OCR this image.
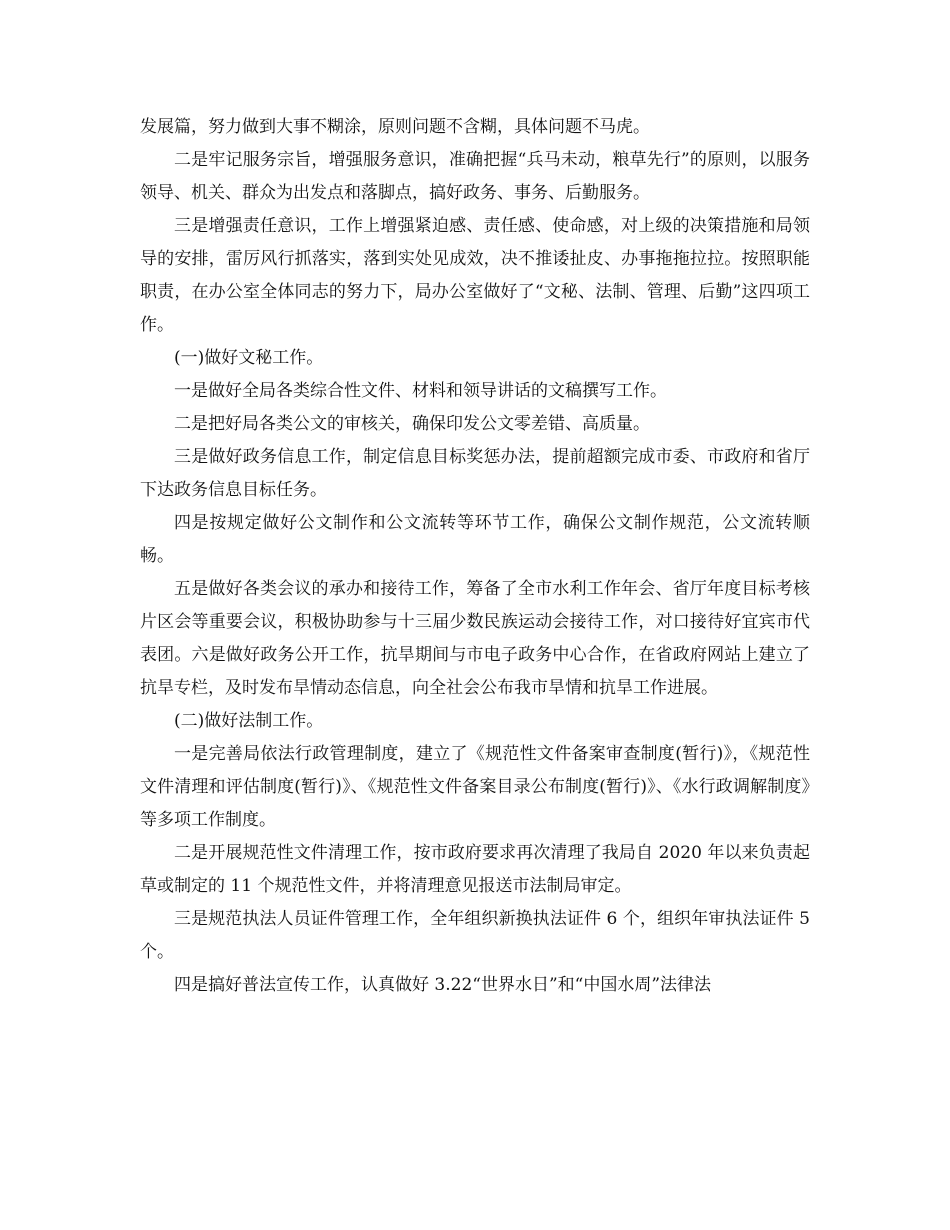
发展篇，努力做到大事不糊涂，原则问题不含糊，具体问题不马虎。

二是牢记服务宗旨，增强服务意识，准确把握“兵马未动，粮草先行”的原则，以服务领导、机关、群众为出发点和落脚点，搞好政务、事务、后勤服务。

三是增强责任意识，工作上增强紧迫感、责任感、使命感，对上级的决策措施和局领导的安排，雷厉风行抓落实，落到实处见成效，决不推诿扯皮、办事拖拖拉拉。按照职能职责，在办公室全体同志的努力下，局办公室做好了“文秘、法制、管理、后勤”这四项工作。

(一)做好文秘工作。

一是做好全局各类综合性文件、材料和领导讲话的文稿撰写工作。

二是把好局各类公文的审核关，确保印发公文零差错、高质量。

三是做好政务信息工作，制定信息目标奖惩办法，提前超额完成市委、市政府和省厅下达政务信息目标任务。

四是按规定做好公文制作和公文流转等环节工作，确保公文制作规范，公文流转顺畅。

五是做好各类会议的承办和接待工作，筹备了全市水利工作年会、省厅年度目标考核片区会等重要会议，积极协助参与十三届少数民族运动会接待工作，对口接待好宜宾市代表团。六是做好政务公开工作，抗旱期间与市电子政务中心合作，在省政府网站上建立了抗旱专栏，及时发布旱情动态信息，向全社会公布我市旱情和抗旱工作进展。

(二)做好法制工作。

一是完善局依法行政管理制度，建立了《规范性文件备案审查制度(暂行)》，《规范性文件清理和评估制度(暂行)》、《规范性文件备案目录公布制度(暂行)》、《水行政调解制度》等多项工作制度。

二是开展规范性文件清理工作，按市政府要求再次清理了我局自 2020 年以来负责起草或制定的 11 个规范性文件，并将清理意见报送市法制局审定。

三是规范执法人员证件管理工作，全年组织新换执法证件 6 个，组织年审执法证件 5 个。

四是搞好普法宣传工作，认真做好 3.22“世界水日”和“中国水周”法律法
